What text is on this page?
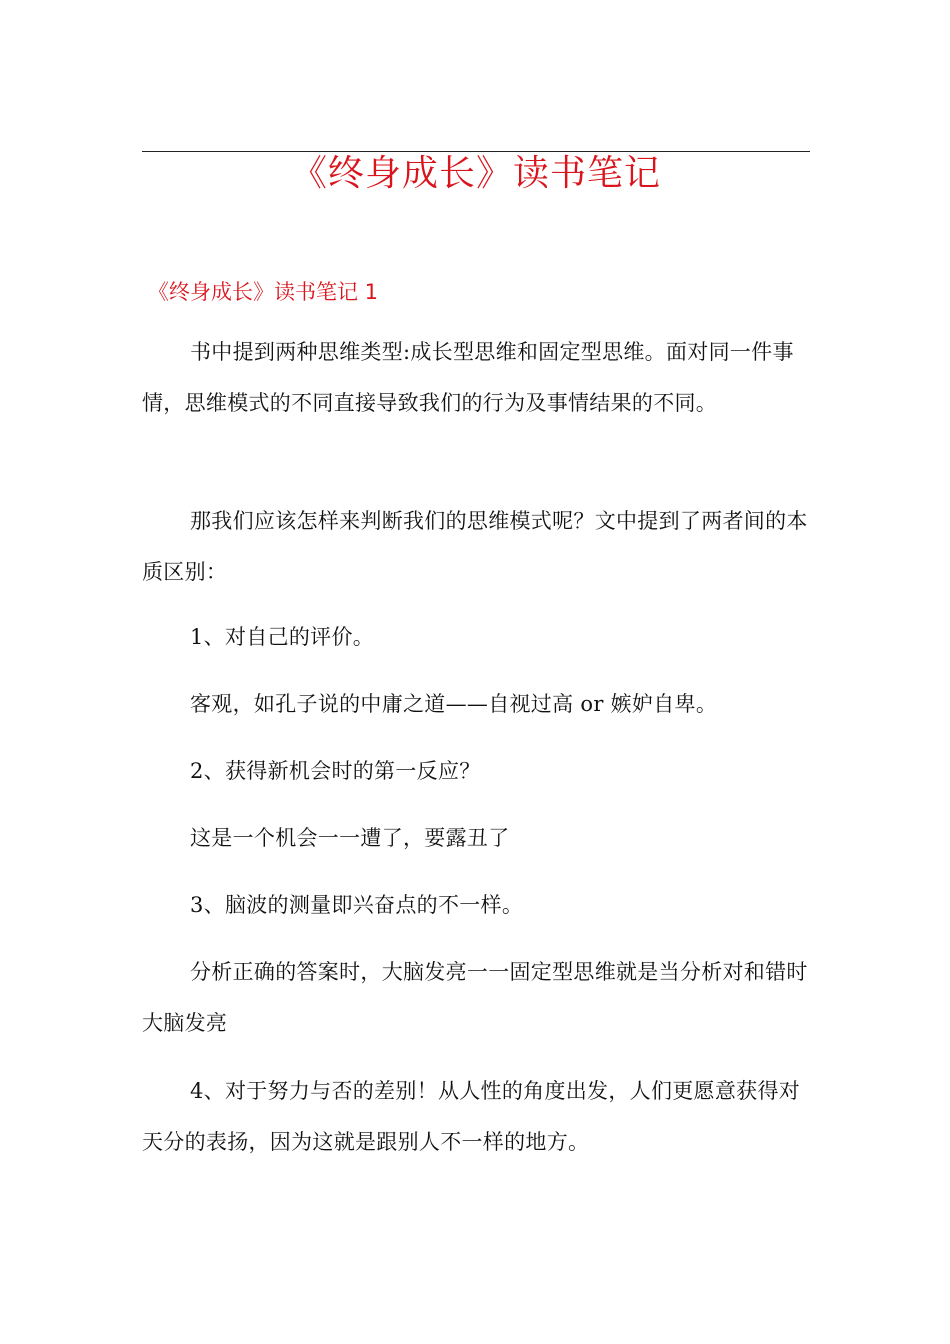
《终身成长》读书笔记
《终身成长》读书笔记 1

书中提到两种思维类型:成长型思维和固定型思维。面对同一件事情，思维模式的不同直接导致我们的行为及事情结果的不同。

那我们应该怎样来判断我们的思维模式呢？文中提到了两者间的本质区别：

1、对自己的评价。

客观，如孔子说的中庸之道——自视过高 or 嫉妒自卑。

2、获得新机会时的第一反应？

这是一个机会一一遭了，要露丑了

3、脑波的测量即兴奋点的不一样。

分析正确的答案时，大脑发亮一一固定型思维就是当分析对和错时大脑发亮

4、对于努力与否的差别！从人性的角度出发，人们更愿意获得对天分的表扬，因为这就是跟别人不一样的地方。
